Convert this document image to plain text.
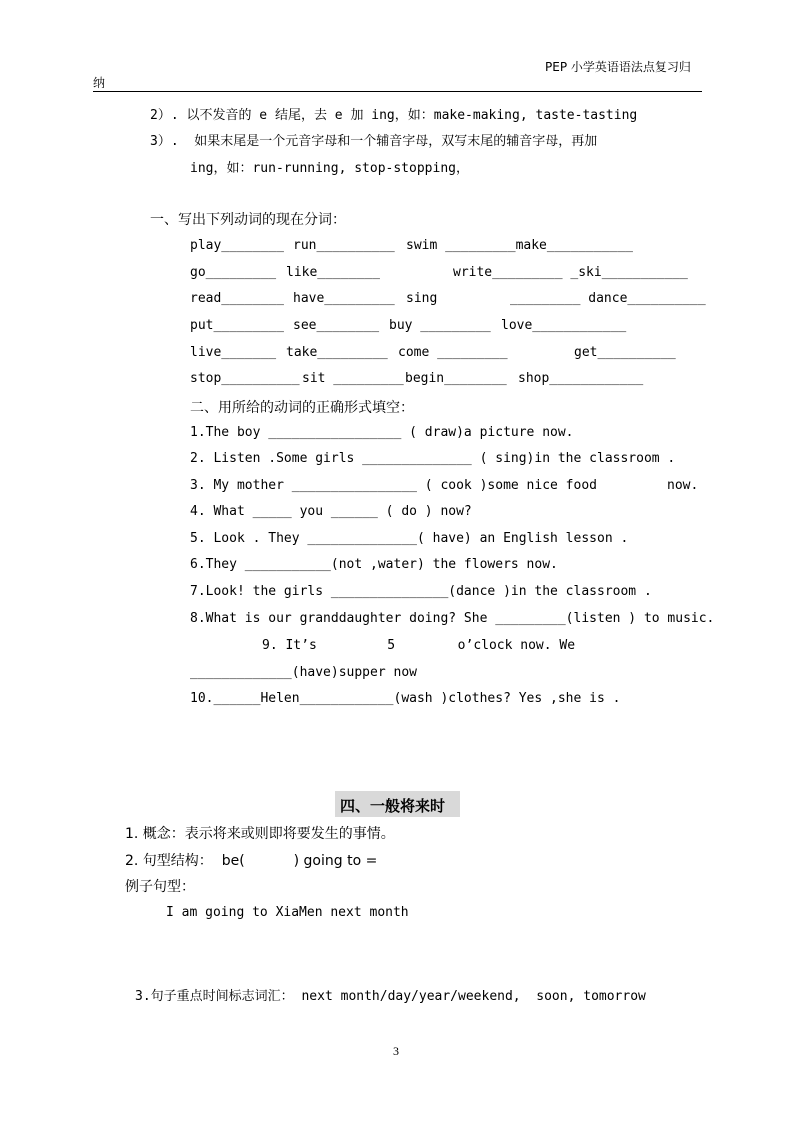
PEP 小学英语语法点复习归
纳
2）. 以不发音的 e 结尾，去 e 加 ing，如：make-making, taste-tasting
3）.  如果末尾是一个元音字母和一个辅音字母，双写末尾的辅音字母，再加
ing，如：run-running, stop-stopping，
一、写出下列动词的现在分词：
play________ run__________ swim _________make___________
go_________ like________	write_________ _ski___________
read________ have_________ sing	_________ dance__________
put_________ see________ buy _________ love____________
live_______ take_________ come _________	get__________
stop__________ sit _________ begin________ shop____________
二、用所给的动词的正确形式填空：
1.The boy _________________ ( draw)a picture now.
2. Listen .Some girls ______________ ( sing)in the classroom .
3. My mother ________________ ( cook )some nice food	now.
4. What _____ you ______ ( do ) now?
5. Look . They ______________( have) an English lesson .
6.They ___________(not ,water) the flowers now.
7.Look! the girls _______________(dance )in the classroom .
8.What is our granddaughter doing? She _________(listen ) to music.
9. It’s         5        o’clock now. We
_____________(have)supper now
10.______Helen____________(wash )clothes? Yes ,she is .
四、一般将来时
1. 概念：表示将来或则即将要发生的事情。
2. 句型结构：  be(           ) going to =
例子句型：
I am going to XiaMen next month
3.句子重点时间标志词汇： next month/day/year/weekend,  soon, tomorrow
3
